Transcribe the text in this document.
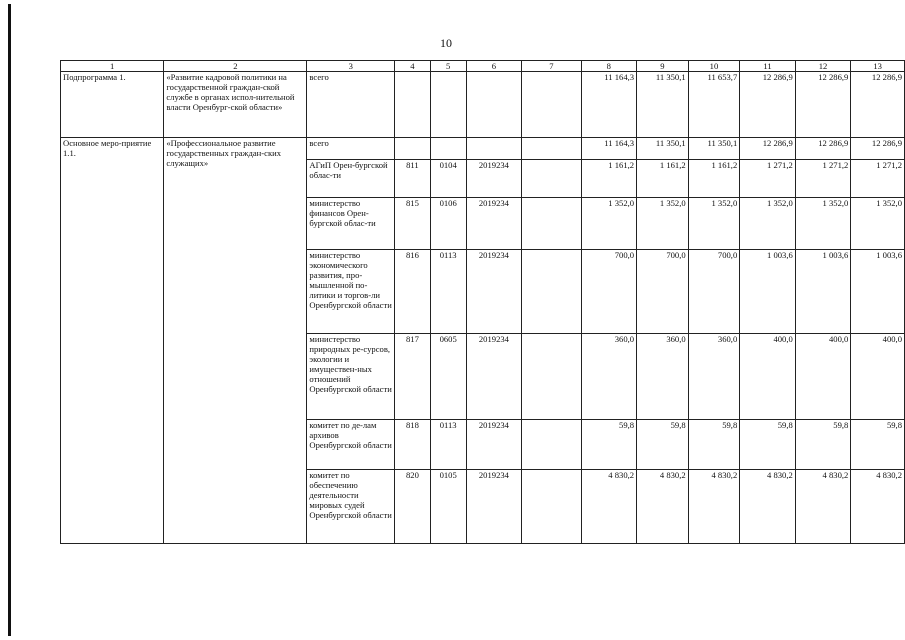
10
1	2	3	4	5	6	7	8	9	10	11	12	13
Подпрограмма 1.	«Развитие кадровой политики на государственной граждан-ской службе в органах испол-нительной власти Оренбург-ской области»	всего					11 164,3	11 350,1	11 653,7	12 286,9	12 286,9	12 286,9
Основное меро-приятие 1.1.	«Профессиональное развитие государственных граждан-ских служащих»	всего					11 164,3	11 350,1	11 350,1	12 286,9	12 286,9	12 286,9
		АГиП Орен-бургской облас-ти	811	0104	2019234		1 161,2	1 161,2	1 161,2	1 271,2	1 271,2	1 271,2
		министерство финансов Орен-бургской облас-ти	815	0106	2019234		1 352,0	1 352,0	1 352,0	1 352,0	1 352,0	1 352,0
		министерство экономического развития, про-мышленной по-литики и торгов-ли Оренбургской области	816	0113	2019234		700,0	700,0	700,0	1 003,6	1 003,6	1 003,6
		министерство природных ре-сурсов, экологии и имуществен-ных отношений Оренбургской области	817	0605	2019234		360,0	360,0	360,0	400,0	400,0	400,0
		комитет по де-лам архивов Оренбургской области	818	0113	2019234		59,8	59,8	59,8	59,8	59,8	59,8
		комитет по обеспечению деятельности мировых судей Оренбургской области	820	0105	2019234		4 830,2	4 830,2	4 830,2	4 830,2	4 830,2	4 830,2
